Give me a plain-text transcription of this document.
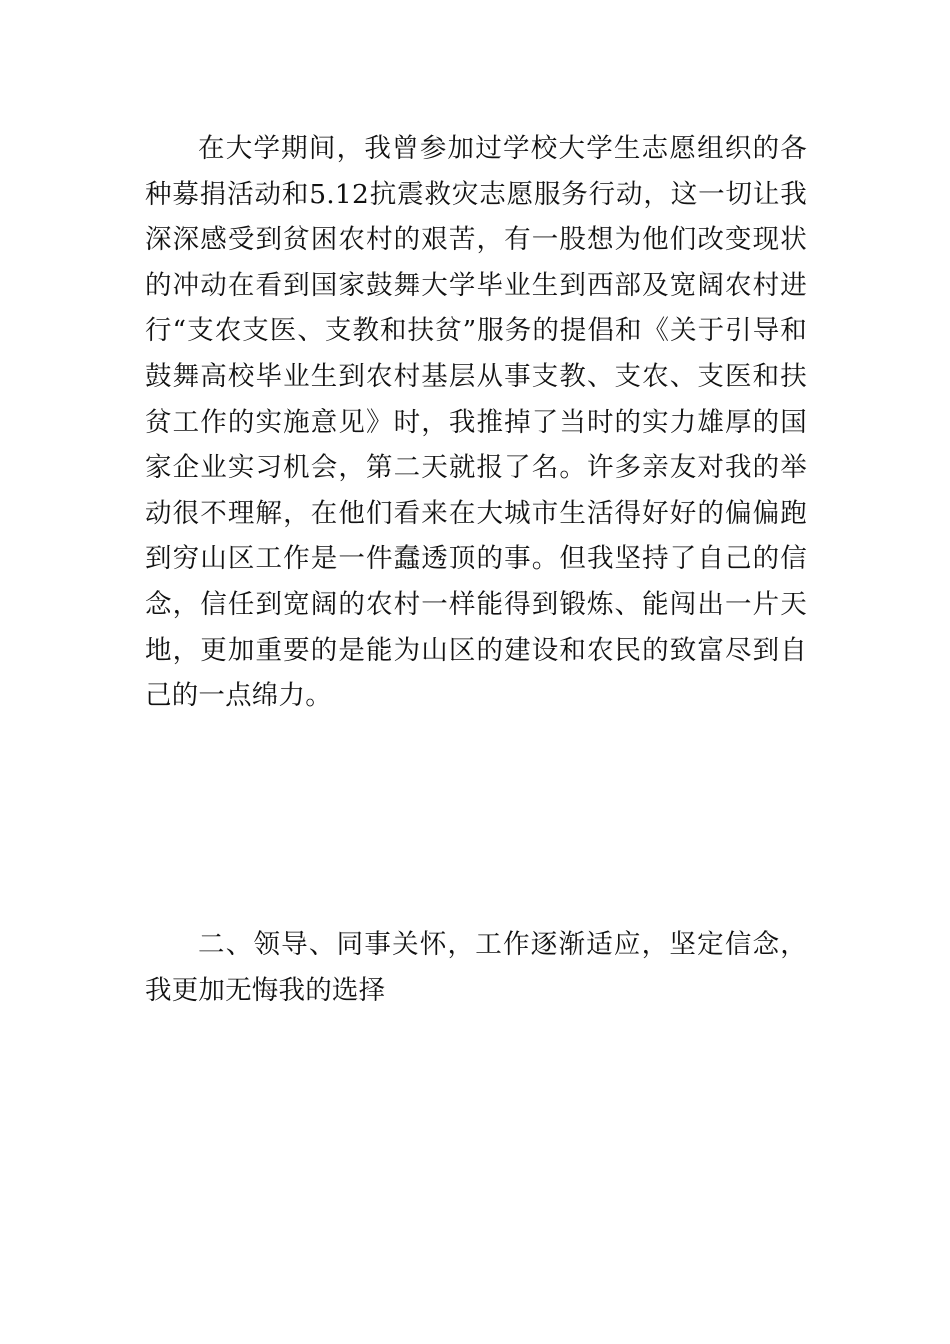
在大学期间，我曾参加过学校大学生志愿组织的各种募捐活动和5.12抗震救灾志愿服务行动，这一切让我深深感受到贫困农村的艰苦，有一股想为他们改变现状的冲动在看到国家鼓舞大学毕业生到西部及宽阔农村进行“支农支医、支教和扶贫”服务的提倡和《关于引导和鼓舞高校毕业生到农村基层从事支教、支农、支医和扶贫工作的实施意见》时，我推掉了当时的实力雄厚的国家企业实习机会，第二天就报了名。许多亲友对我的举动很不理解，在他们看来在大城市生活得好好的偏偏跑到穷山区工作是一件蠢透顶的事。但我坚持了自己的信念，信任到宽阔的农村一样能得到锻炼、能闯出一片天地，更加重要的是能为山区的建设和农民的致富尽到自己的一点绵力。

二、领导、同事关怀，工作逐渐适应，坚定信念，我更加无悔我的选择
